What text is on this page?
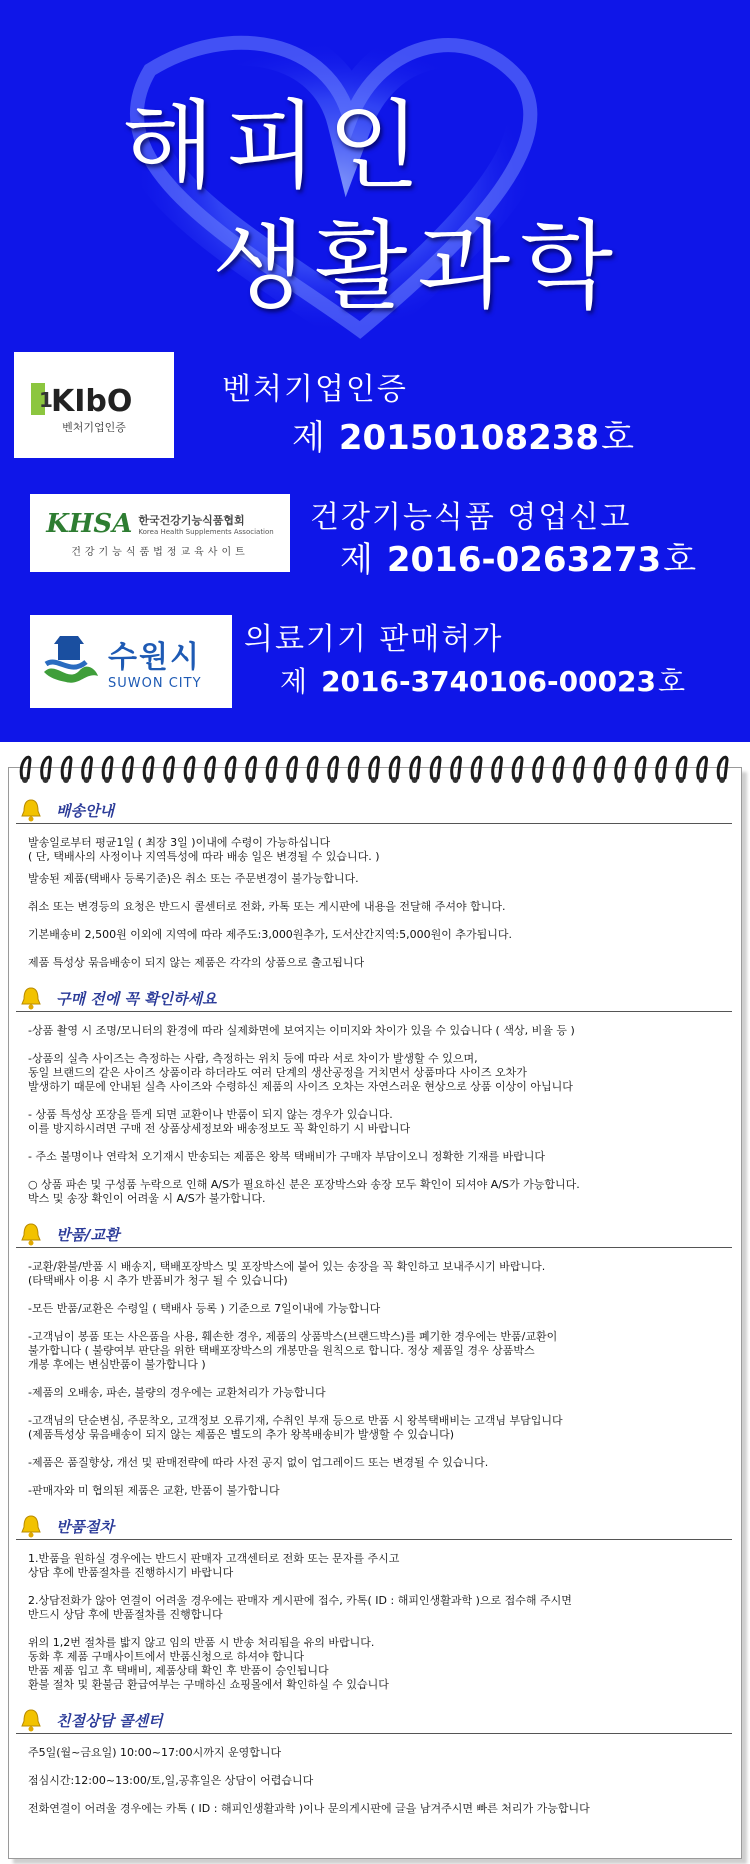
해피인
생활과학
1
KIbO
벤처기업인증
벤처기업인증
제 20150108238호
KHSA 한국건강기능식품협회
Korea Health Supplements Association
건강기능식품법정교육사이트
건강기능식품 영업신고
제 2016-0263273호
수원시
SUWON CITY
의료기기 판매허가
제 2016-3740106-00023호
배송안내
발송일로부터 평균1일 ( 최장 3일 )이내에 수령이 가능하십니다
( 단, 택배사의 사정이나 지역특성에 따라 배송 일은 변경될 수 있습니다. )
발송된 제품(택배사 등록기준)은 취소 또는 주문변경이 불가능합니다.
취소 또는 변경등의 요청은 반드시 콜센터로 전화, 카톡 또는 게시판에 내용을 전달해 주셔야 합니다.
기본배송비 2,500원 이외에 지역에 따라 제주도:3,000원추가, 도서산간지역:5,000원이 추가됩니다.
제품 특성상 묶음배송이 되지 않는 제품은 각각의 상품으로 출고됩니다
구매 전에 꼭 확인하세요
-상품 촬영 시 조명/모니터의 환경에 따라 실제화면에 보여지는 이미지와 차이가 있을 수 있습니다 ( 색상, 비율 등 )
-상품의 실측 사이즈는 측정하는 사람, 측정하는 위치 등에 따라 서로 차이가 발생할 수 있으며,
동일 브랜드의 같은 사이즈 상품이라 하더라도 여러 단계의 생산공정을 거치면서 상품마다 사이즈 오차가
발생하기 때문에 안내된 실측 사이즈와 수령하신 제품의 사이즈 오차는 자연스러운 현상으로 상품 이상이 아닙니다
- 상품 특성상 포장을 뜯게 되면 교환이나 반품이 되지 않는 경우가 있습니다.
이를 방지하시려면 구매 전 상품상세정보와 배송정보도 꼭 확인하기 시 바랍니다
- 주소 불명이나 연락처 오기재시 반송되는 제품은 왕복 택배비가 구매자 부담이오니 정확한 기재를 바랍니다
○ 상품 파손 및 구성품 누락으로 인해 A/S가 필요하신 분은 포장박스와 송장 모두 확인이 되셔야 A/S가 가능합니다.
박스 및 송장 확인이 어려울 시 A/S가 불가합니다.
반품/교환
-교환/환불/반품 시 배송지, 택배포장박스 및 포장박스에 붙어 있는 송장을 꼭 확인하고 보내주시기 바랍니다.
(타택배사 이용 시 추가 반품비가 청구 될 수 있습니다)
-모든 반품/교환은 수령일 ( 택배사 등록 ) 기준으로 7일이내에 가능합니다
-고객님이 봉품 또는 사은품을 사용, 훼손한 경우, 제품의 상품박스(브랜드박스)를 폐기한 경우에는 반품/교환이
불가합니다 ( 불량여부 판단을 위한 택배포장박스의 개봉만을 원칙으로 합니다. 정상 제품일 경우 상품박스
개봉 후에는 변심반품이 불가합니다 )
-제품의 오배송, 파손, 불량의 경우에는 교환처리가 가능합니다
-고객님의 단순변심, 주문착오, 고객정보 오류기재, 수취인 부재 등으로 반품 시 왕복택배비는 고객님 부담입니다
(제품특성상 묶음배송이 되지 않는 제품은 별도의 추가 왕복배송비가 발생할 수 있습니다)
-제품은 품질향상, 개선 및 판매전략에 따라 사전 공지 없이 업그레이드 또는 변경될 수 있습니다.
-판매자와 미 협의된 제품은 교환, 반품이 불가합니다
반품절차
1.반품을 원하실 경우에는 반드시 판매자 고객센터로 전화 또는 문자를 주시고
상담 후에 반품절차를 진행하시기 바랍니다
2.상담전화가 않아 연결이 어려울 경우에는 판매자 게시판에 접수, 카톡( ID : 해피인생활과학 )으로 접수해 주시면
반드시 상담 후에 반품절차를 진행합니다
위의 1,2번 절차를 밟지 않고 임의 반품 시 반송 처리됨을 유의 바랍니다.
동화 후 제품 구매사이트에서 반품신청으로 하셔야 합니다
반품 제품 입고 후 택배비, 제품상태 확인 후 반품이 승인됩니다
환불 절차 및 환불금 환급여부는 구매하신 쇼핑몰에서 확인하실 수 있습니다
친절상담 콜센터
주5일(월~금요일) 10:00~17:00시까지 운영합니다
점심시간:12:00~13:00/토,일,공휴일은 상담이 어렵습니다
전화연결이 어려울 경우에는 카톡 ( ID : 해피인생활과학 )이나 문의게시판에 글을 남겨주시면 빠른 처리가 가능합니다
